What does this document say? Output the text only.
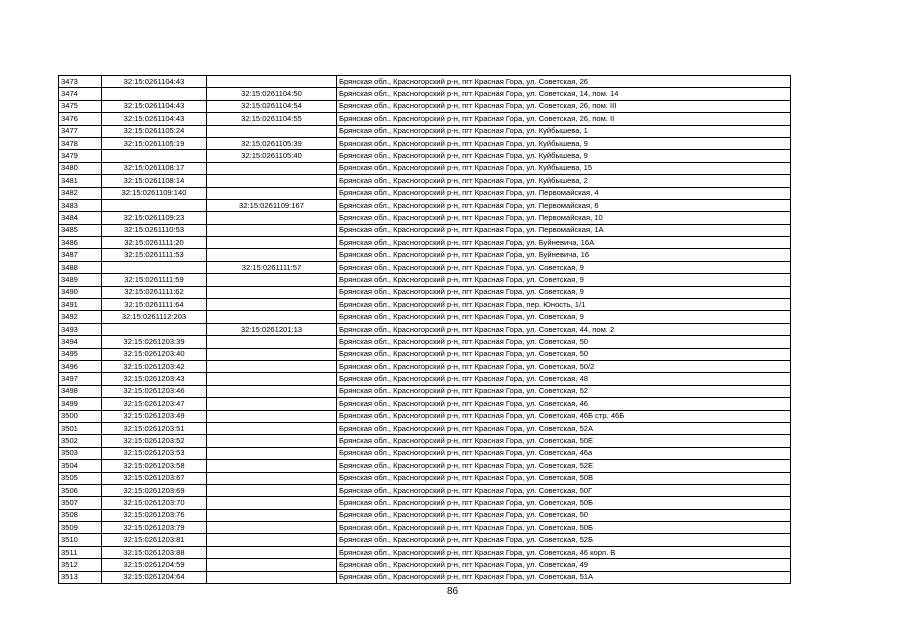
3473	32:15:0261104:43		Брянская обл., Красногорский р-н, пгт Красная Гора, ул. Советская, 26
3474		32:15:0261104:50	Брянская обл., Красногорский р-н, пгт Красная Гора, ул. Советская, 14, пом. 14
3475	32:15:0261104:43	32:15:0261104:54	Брянская обл., Красногорский р-н, пгт Красная Гора, ул. Советская, 26, пом. III
3476	32:15:0261104:43	32:15:0261104:55	Брянская обл., Красногорский р-н, пгт Красная Гора, ул. Советская, 26, пом. II
3477	32:15:0261105:24		Брянская обл., Красногорский р-н, пгт Красная Гора, ул. Куйбышева, 1
3478	32:15:0261105:19	32:15:0261105:39	Брянская обл., Красногорский р-н, пгт Красная Гора, ул. Куйбышева, 9
3479		32:15:0261105:40	Брянская обл., Красногорский р-н, пгт Красная Гора, ул. Куйбышева, 9
3480	32:15:0261108:17		Брянская обл., Красногорский р-н, пгт Красная Гора, ул. Куйбышева, 15
3481	32:15:0261108:14		Брянская обл., Красногорский р-н, пгт Красная Гора, ул. Куйбышева, 2
3482	32:15:0261109:140		Брянская обл., Красногорский р-н, пгт Красная Гора, ул. Первомайская, 4
3483		32:15:0261109:167	Брянская обл., Красногорский р-н, пгт Красная Гора, ул. Первомайская, 6
3484	32:15:0261109:23		Брянская обл., Красногорский р-н, пгт Красная Гора, ул. Первомайская, 10
3485	32:15:0261110:53		Брянская обл., Красногорский р-н, пгт Красная Гора, ул. Первомайская, 1А
3486	32:15:0261111:20		Брянская обл., Красногорский р-н, пгт Красная Гора, ул. Буйневича, 16А
3487	32:15:0261111:53		Брянская обл., Красногорский р-н, пгт Красная Гора, ул. Буйневича, 16
3488		32:15:0261111:57	Брянская обл., Красногорский р-н, пгт Красная Гора, ул. Советская, 9
3489	32:15:0261111:59		Брянская обл., Красногорский р-н, пгт Красная Гора, ул. Советская, 9
3490	32:15:0261111:62		Брянская обл., Красногорский р-н, пгт Красная Гора, ул. Советская, 9
3491	32:15:0261111:64		Брянская обл., Красногорский р-н, пгт Красная Гора, пер. Юность, 1/1
3492	32:15:0261112:203		Брянская обл., Красногорский р-н, пгт Красная Гора, ул. Советская, 9
3493		32:15:0261201:13	Брянская обл., Красногорский р-н, пгт Красная Гора, ул. Советская, 44, пом. 2
3494	32:15:0261203:39		Брянская обл., Красногорский р-н, пгт Красная Гора, ул. Советская, 50
3495	32:15:0261203:40		Брянская обл., Красногорский р-н, пгт Красная Гора, ул. Советская, 50
3496	32:15:0261203:42		Брянская обл., Красногорский р-н, пгт Красная Гора, ул. Советская, 50/2
3497	32:15:0261203:43		Брянская обл., Красногорский р-н, пгт Красная Гора, ул. Советская, 48
3498	32:15:0261203:46		Брянская обл., Красногорский р-н, пгт Красная Гора, ул. Советская, 52
3499	32:15:0261203:47		Брянская обл., Красногорский р-н, пгт Красная Гора, ул. Советская, 46
3500	32:15:0261203:49		Брянская обл., Красногорский р-н, пгт Красная Гора, ул. Советская, 46Б стр. 46Б
3501	32:15:0261203:51		Брянская обл., Красногорский р-н, пгт Красная Гора, ул. Советская, 52А
3502	32:15:0261203:52		Брянская обл., Красногорский р-н, пгт Красная Гора, ул. Советская, 50Е
3503	32:15:0261203:53		Брянская обл., Красногорский р-н, пгт Красная Гора, ул. Советская, 46а
3504	32:15:0261203:58		Брянская обл., Красногорский р-н, пгт Красная Гора, ул. Советская, 52Е
3505	32:15:0261203:67		Брянская обл., Красногорский р-н, пгт Красная Гора, ул. Советская, 50В
3506	32:15:0261203:69		Брянская обл., Красногорский р-н, пгт Красная Гора, ул. Советская, 50Г
3507	32:15:0261203:70		Брянская обл., Красногорский р-н, пгт Красная Гора, ул. Советская, 50Б
3508	32:15:0261203:76		Брянская обл., Красногорский р-н, пгт Красная Гора, ул. Советская, 50
3509	32:15:0261203:79		Брянская обл., Красногорский р-н, пгт Красная Гора, ул. Советская, 50Б
3510	32:15:0261203:81		Брянская обл., Красногорский р-н, пгт Красная Гора, ул. Советская, 52Б
3511	32:15:0261203:88		Брянская обл., Красногорский р-н, пгт Красная Гора, ул. Советская, 46 корп. В
3512	32:15:0261204:59		Брянская обл., Красногорский р-н, пгт Красная Гора, ул. Советская, 49
3513	32:15:0261204:64		Брянская обл., Красногорский р-н, пгт Красная Гора, ул. Советская, 51А
86
